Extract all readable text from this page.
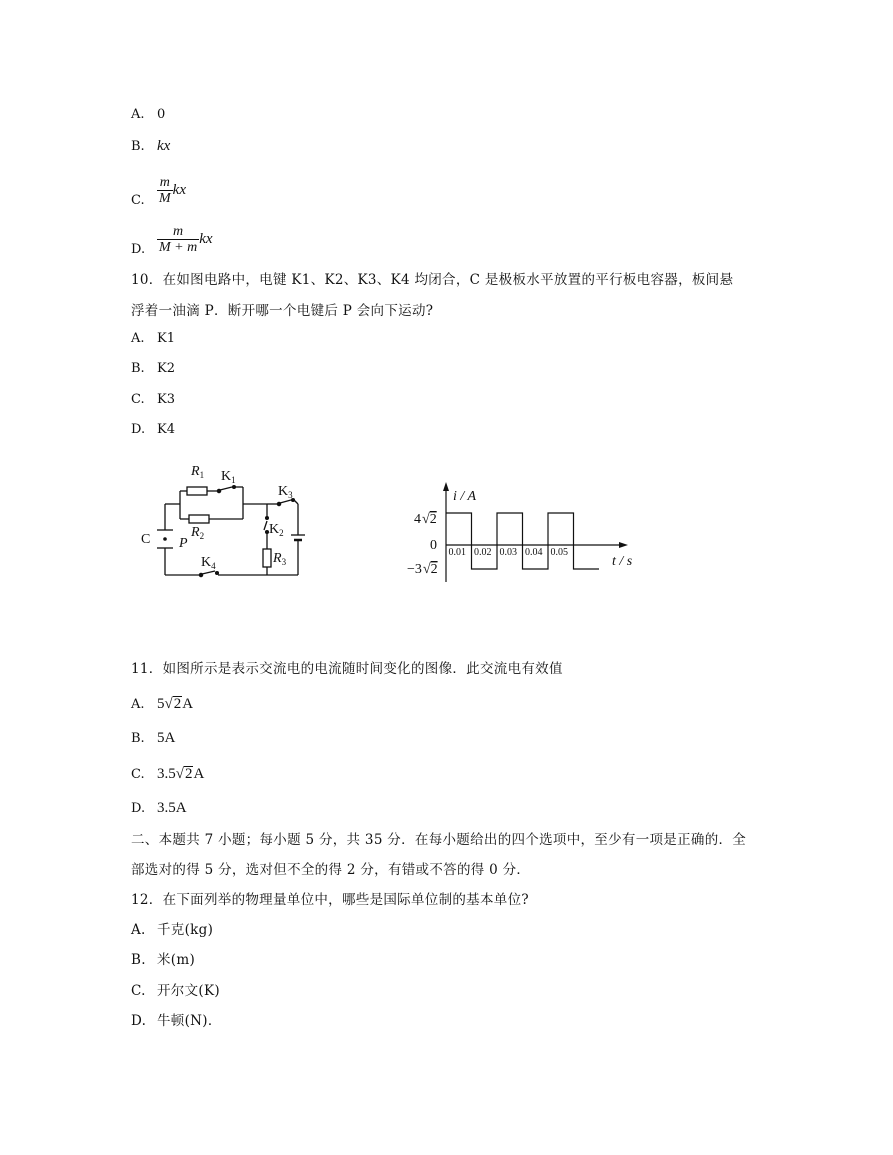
A. 0
B. kx
C. $\frac{m}{M}$ kx
D. $\frac{m}{M + m}$ kx
10．在如图电路中，电键 K1、K2、K3、K4 均闭合，C 是极板水平放置的平行板电容器，板间悬
浮着一油滴 P．断开哪一个电键后 P 会向下运动?
A. K1
B. K2
C. K3
D. K4
$R_1$ $K_1$
$K_3$
$R_2$	$K_2$
C P
$R_3$
$K_4$
0.01 0.02 0.03 0.04 0.05
i / A
t / s
4√2
0
−3√2
11．如图所示是表示交流电的电流随时间变化的图像．此交流电有效值
A. 5√2A
B. 5A
C. 3.5√2A
D. 3.5A
二、本题共 7 小题；每小题 5 分，共 35 分．在每小题给出的四个选项中，至少有一项是正确的．全
部选对的得 5 分，选对但不全的得 2 分，有错或不答的得 0 分．
12．在下面列举的物理量单位中，哪些是国际单位制的基本单位?
A. 千克(kg)
B. 米(m)
C. 开尔文(K)
D. 牛顿(N)．
